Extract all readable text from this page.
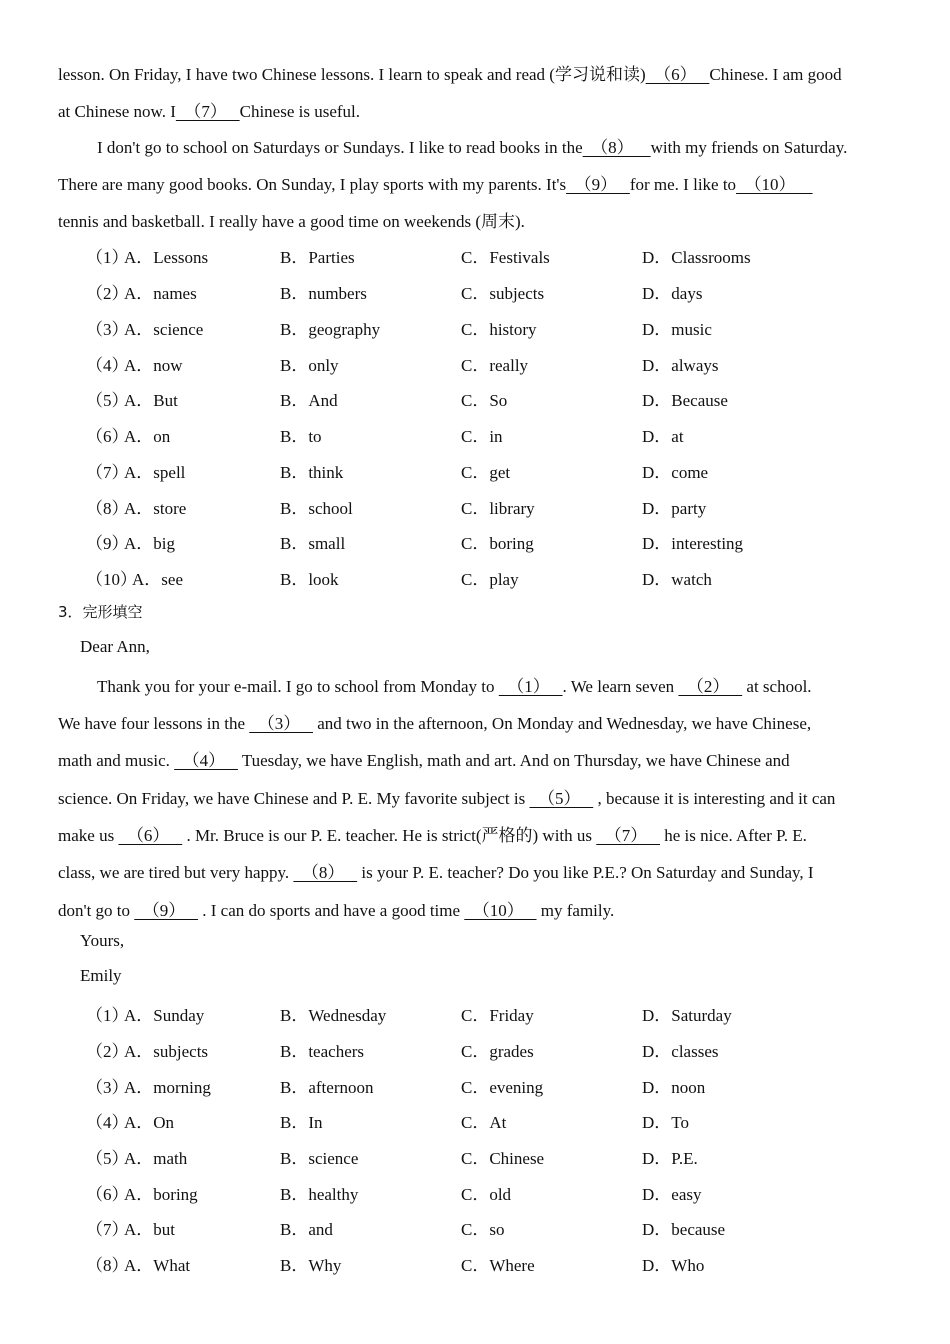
lesson. On Friday, I have two Chinese lessons. I learn to speak and read (学习说和读)  （6）   Chinese. I am good
at Chinese now. I  （7）   Chinese is useful.
I don't go to school on Saturdays or Sundays. I like to read books in the  （8）    with my friends on Saturday.
There are many good books. On Sunday, I play sports with my parents. It's  （9）   for me. I like to  （10）
tennis and basketball. I really have a good time on weekends (周末).
（1）
A．Lessons	B．Parties	C．Festivals	D．Classrooms
（2）
A．names	B．numbers	C．subjects	D．days
（3）
A．science	B．geography	C．history	D．music
（4）
A．now	B．only	C．really	D．always
（5）
A．But	B．And	C．So	D．Because
（6）
A．on	B．to	C．in	D．at
（7）
A．spell	B．think	C．get	D．come
（8）
A．store	B．school	C．library	D．party
（9）
A．big	B．small	C．boring	D．interesting
（10）
A．see	B．look	C．play	D．watch
3．完形填空
Dear Ann,
Thank you for your e-mail. I go to school from Monday to   （1）   . We learn seven   （2）    at school.
We have four lessons in the   （3）    and two in the afternoon, On Monday and Wednesday, we have Chinese,
math and music.   （4）    Tuesday, we have English, math and art. And on Thursday, we have Chinese and
science. On Friday, we have Chinese and P. E. My favorite subject is   （5）    , because it is interesting and it can
make us   （6）    . Mr. Bruce is our P. E. teacher. He is strict(严格的) with us   （7）    he is nice. After P. E.
class, we are tired but very happy.   （8）    is your P. E. teacher? Do you like P.E.? On Saturday and Sunday, I
don't go to   （9）    . I can do sports and have a good time   （10）    my family.
Yours,
Emily
（1）
A．Sunday	B．Wednesday	C．Friday	D．Saturday
（2）
A．subjects	B．teachers	C．grades	D．classes
（3）
A．morning	B．afternoon	C．evening	D．noon
（4）
A．On	B．In	C．At	D．To
（5）
A．math	B．science	C．Chinese	D．P.E.
（6）
A．boring	B．healthy	C．old	D．easy
（7）
A．but	B．and	C．so	D．because
（8）
A．What	B．Why	C．Where	D．Who
